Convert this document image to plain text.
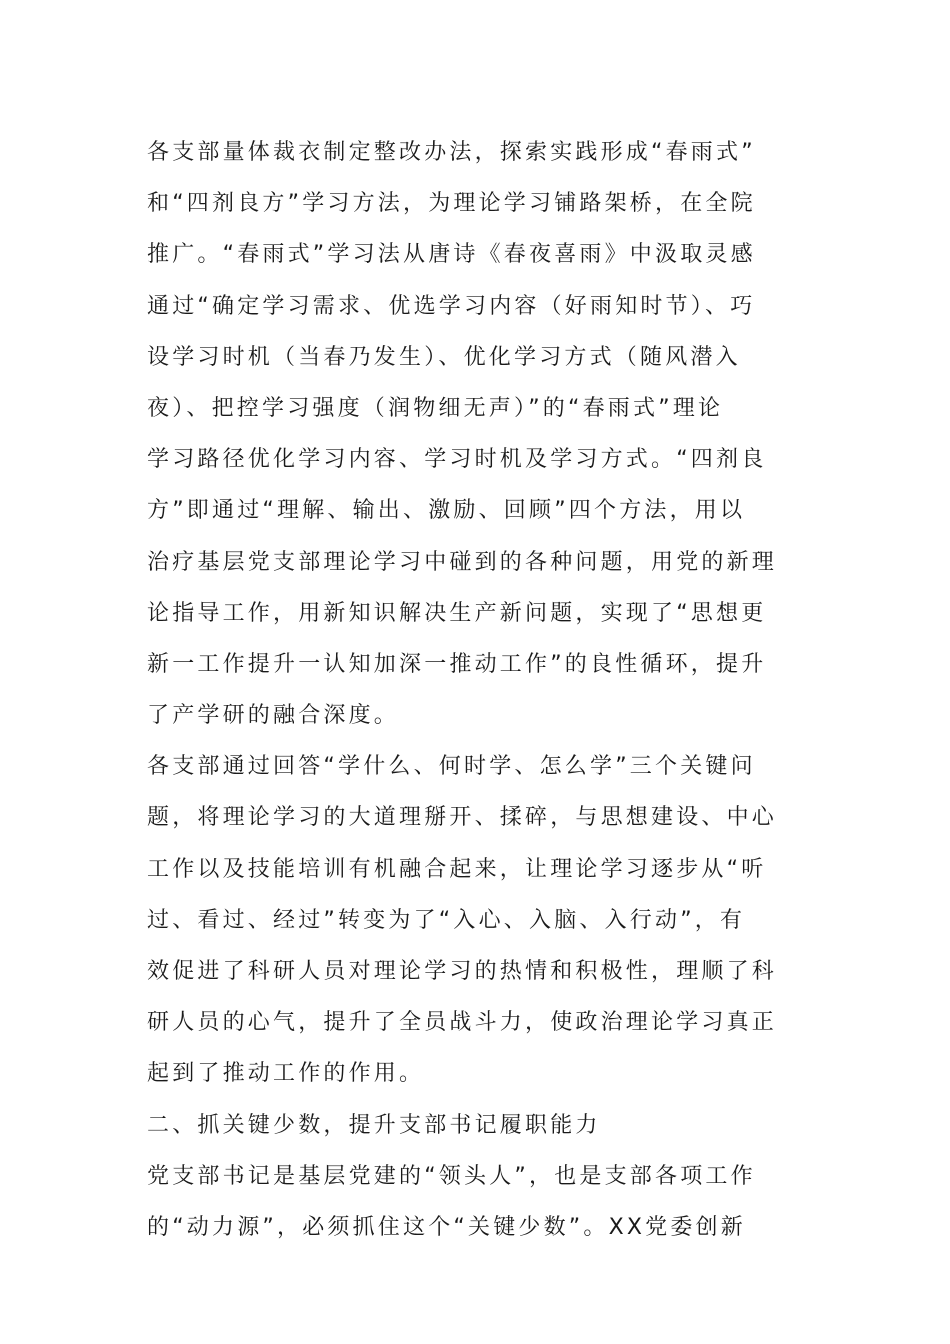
各支部量体裁衣制定整改办法，探索实践形成“春雨式”
和“四剂良方”学习方法，为理论学习铺路架桥，在全院
推广。“春雨式”学习法从唐诗《春夜喜雨》中汲取灵感
通过“确定学习需求、优选学习内容（好雨知时节）、巧
设学习时机（当春乃发生）、优化学习方式（随风潜入
夜）、把控学习强度（润物细无声）”的“春雨式”理论
学习路径优化学习内容、学习时机及学习方式。“四剂良
方”即通过“理解、输出、激励、回顾”四个方法，用以
治疗基层党支部理论学习中碰到的各种问题，用党的新理
论指导工作，用新知识解决生产新问题，实现了“思想更
新一工作提升一认知加深一推动工作”的良性循环，提升
了产学研的融合深度。
各支部通过回答“学什么、何时学、怎么学”三个关键问
题，将理论学习的大道理掰开、揉碎，与思想建设、中心
工作以及技能培训有机融合起来，让理论学习逐步从“听
过、看过、经过”转变为了“入心、入脑、入行动”，有
效促进了科研人员对理论学习的热情和积极性，理顺了科
研人员的心气，提升了全员战斗力，使政治理论学习真正
起到了推动工作的作用。
二、抓关键少数，提升支部书记履职能力
党支部书记是基层党建的“领头人”，也是支部各项工作
的“动力源”，必须抓住这个“关键少数”。XX党委创新
